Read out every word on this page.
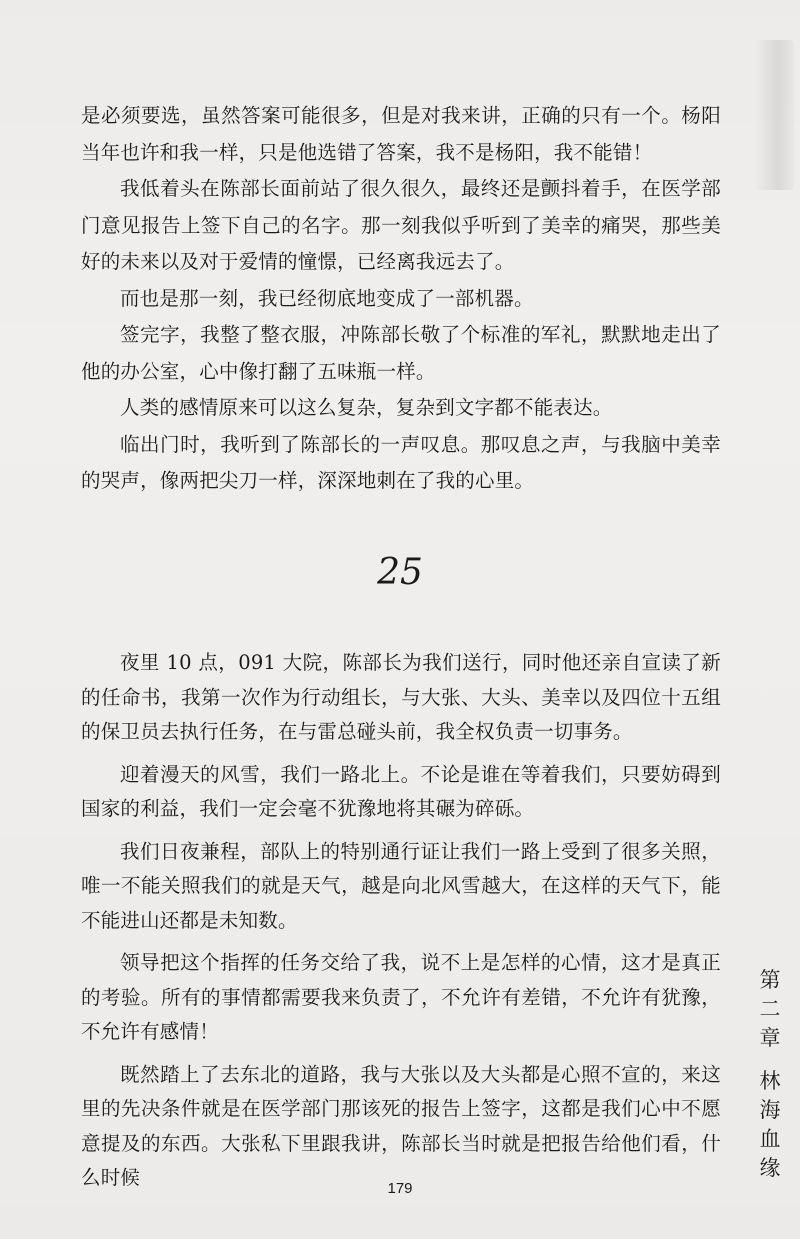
是必须要选，虽然答案可能很多，但是对我来讲，正确的只有一个。杨阳当年也许和我一样，只是他选错了答案，我不是杨阳，我不能错！

我低着头在陈部长面前站了很久很久，最终还是颤抖着手，在医学部门意见报告上签下自己的名字。那一刻我似乎听到了美幸的痛哭，那些美好的未来以及对于爱情的憧憬，已经离我远去了。

而也是那一刻，我已经彻底地变成了一部机器。

签完字，我整了整衣服，冲陈部长敬了个标准的军礼，默默地走出了他的办公室，心中像打翻了五味瓶一样。

人类的感情原来可以这么复杂，复杂到文字都不能表达。

临出门时，我听到了陈部长的一声叹息。那叹息之声，与我脑中美幸的哭声，像两把尖刀一样，深深地刺在了我的心里。

25

夜里 10 点，091 大院，陈部长为我们送行，同时他还亲自宣读了新的任命书，我第一次作为行动组长，与大张、大头、美幸以及四位十五组的保卫员去执行任务，在与雷总碰头前，我全权负责一切事务。

迎着漫天的风雪，我们一路北上。不论是谁在等着我们，只要妨碍到国家的利益，我们一定会毫不犹豫地将其碾为碎砾。

我们日夜兼程，部队上的特别通行证让我们一路上受到了很多关照，唯一不能关照我们的就是天气，越是向北风雪越大，在这样的天气下，能不能进山还都是未知数。

领导把这个指挥的任务交给了我，说不上是怎样的心情，这才是真正的考验。所有的事情都需要我来负责了，不允许有差错，不允许有犹豫，不允许有感情！

既然踏上了去东北的道路，我与大张以及大头都是心照不宣的，来这里的先决条件就是在医学部门那该死的报告上签字，这都是我们心中不愿意提及的东西。大张私下里跟我讲，陈部长当时就是把报告给他们看，什么时候

第
二
章
林
海
血
缘
179
